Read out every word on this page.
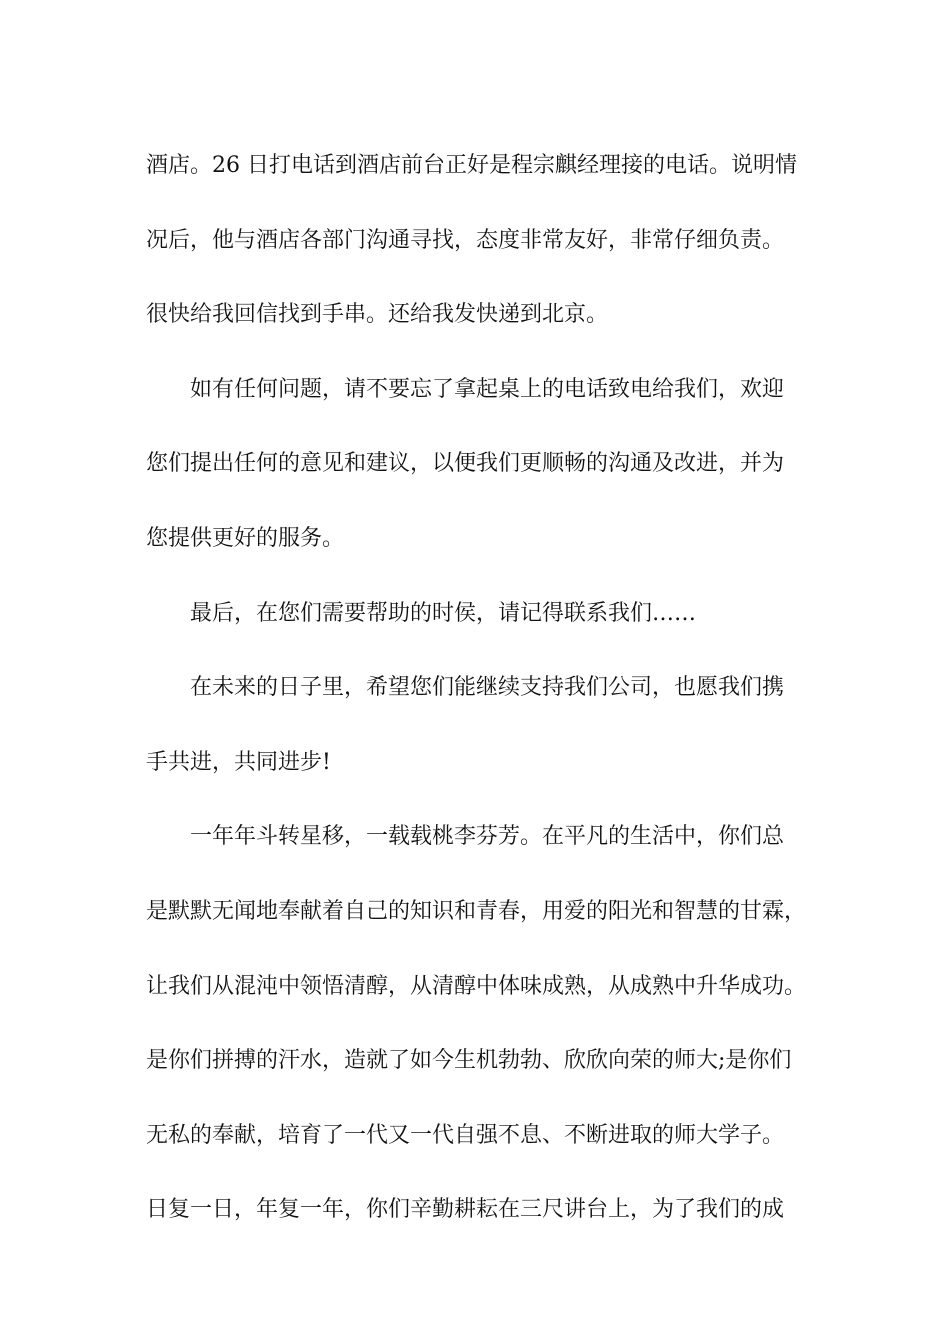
酒店。26 日打电话到酒店前台正好是程宗麒经理接的电话。说明情
况后，他与酒店各部门沟通寻找，态度非常友好，非常仔细负责。
很快给我回信找到手串。还给我发快递到北京。
如有任何问题，请不要忘了拿起桌上的电话致电给我们，欢迎
您们提出任何的意见和建议，以便我们更顺畅的沟通及改进，并为
您提供更好的服务。
最后，在您们需要帮助的时侯，请记得联系我们……
在未来的日子里，希望您们能继续支持我们公司，也愿我们携
手共进，共同进步!
一年年斗转星移，一载载桃李芬芳。在平凡的生活中，你们总
是默默无闻地奉献着自己的知识和青春，用爱的阳光和智慧的甘霖，
让我们从混沌中领悟清醇，从清醇中体味成熟，从成熟中升华成功。
是你们拼搏的汗水，造就了如今生机勃勃、欣欣向荣的师大;是你们
无私的奉献，培育了一代又一代自强不息、不断进取的师大学子。
日复一日，年复一年，你们辛勤耕耘在三尺讲台上，为了我们的成
